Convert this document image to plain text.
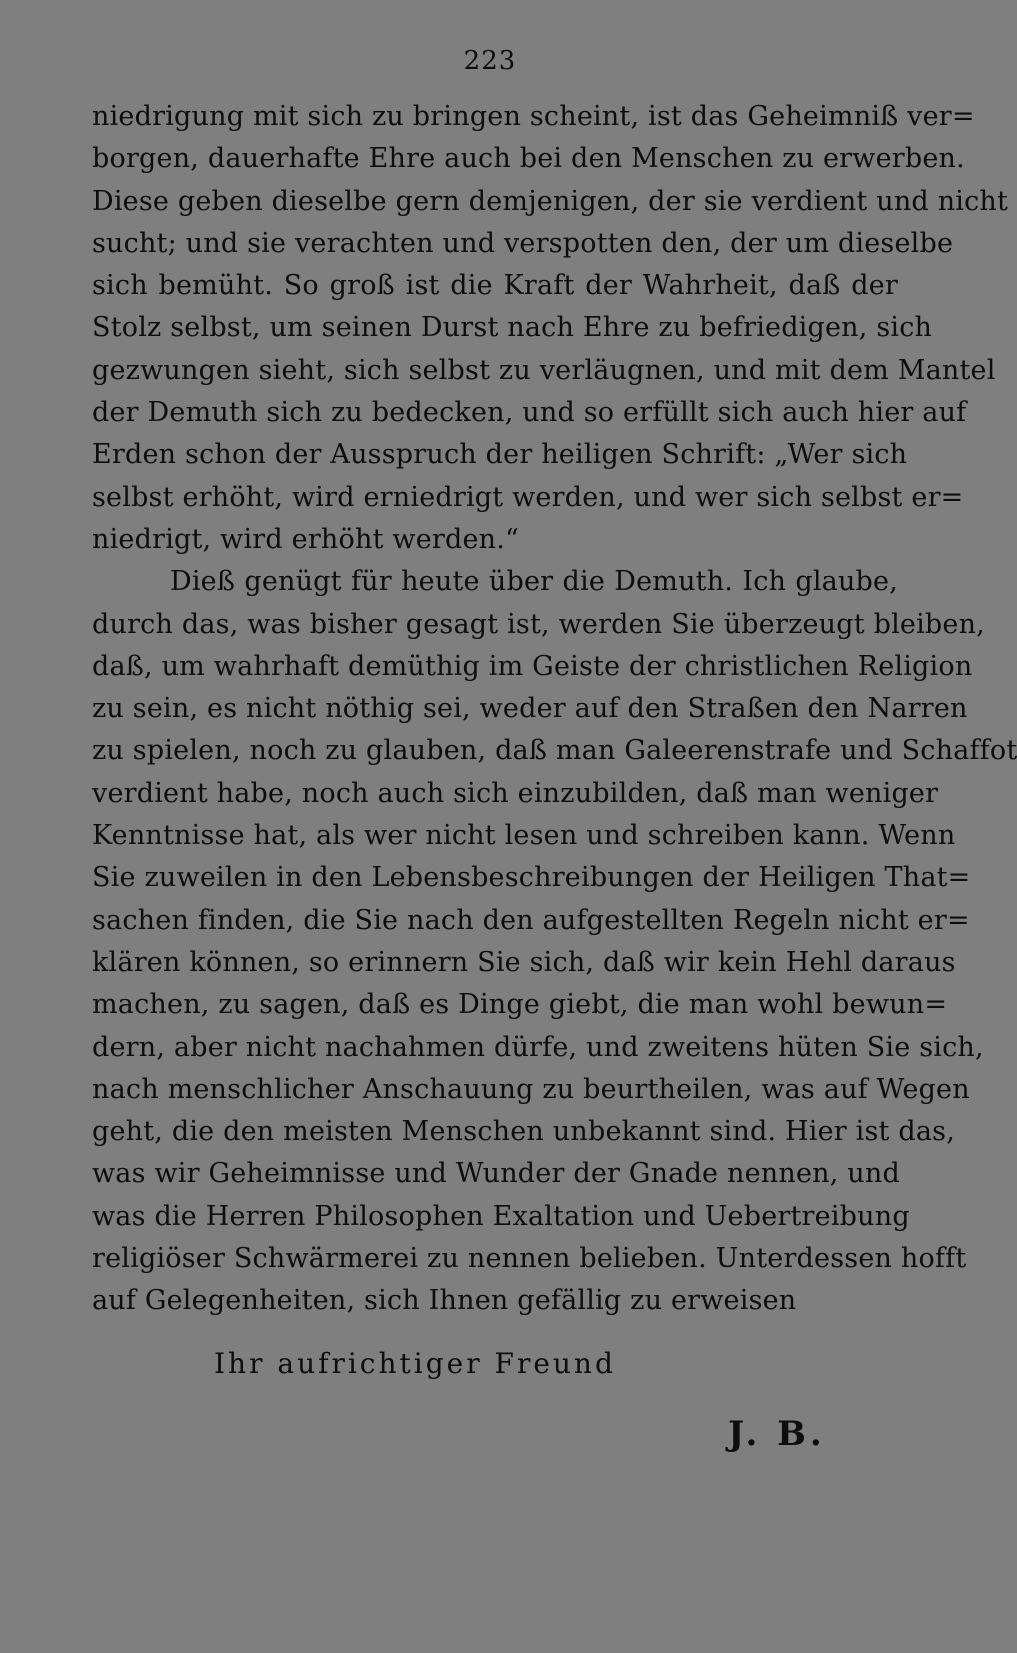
223
niedrigung mit sich zu bringen scheint, ist das Geheimniß ver=
borgen, dauerhafte Ehre auch bei den Menschen zu erwerben.
Diese geben dieselbe gern demjenigen, der sie verdient und nicht
sucht; und sie verachten und verspotten den, der um dieselbe
sich bemüht. So groß ist die Kraft der Wahrheit, daß der
Stolz selbst, um seinen Durst nach Ehre zu befriedigen, sich
gezwungen sieht, sich selbst zu verläugnen, und mit dem Mantel
der Demuth sich zu bedecken, und so erfüllt sich auch hier auf
Erden schon der Ausspruch der heiligen Schrift: „Wer sich
selbst erhöht, wird erniedrigt werden, und wer sich selbst er=
niedrigt, wird erhöht werden.“
Dieß genügt für heute über die Demuth. Ich glaube,
durch das, was bisher gesagt ist, werden Sie überzeugt bleiben,
daß, um wahrhaft demüthig im Geiste der christlichen Religion
zu sein, es nicht nöthig sei, weder auf den Straßen den Narren
zu spielen, noch zu glauben, daß man Galeerenstrafe und Schaffot
verdient habe, noch auch sich einzubilden, daß man weniger
Kenntnisse hat, als wer nicht lesen und schreiben kann. Wenn
Sie zuweilen in den Lebensbeschreibungen der Heiligen That=
sachen finden, die Sie nach den aufgestellten Regeln nicht er=
klären können, so erinnern Sie sich, daß wir kein Hehl daraus
machen, zu sagen, daß es Dinge giebt, die man wohl bewun=
dern, aber nicht nachahmen dürfe, und zweitens hüten Sie sich,
nach menschlicher Anschauung zu beurtheilen, was auf Wegen
geht, die den meisten Menschen unbekannt sind. Hier ist das,
was wir Geheimnisse und Wunder der Gnade nennen, und
was die Herren Philosophen Exaltation und Uebertreibung
religiöser Schwärmerei zu nennen belieben. Unterdessen hofft
auf Gelegenheiten, sich Ihnen gefällig zu erweisen
Ihr aufrichtiger Freund
J. B.
